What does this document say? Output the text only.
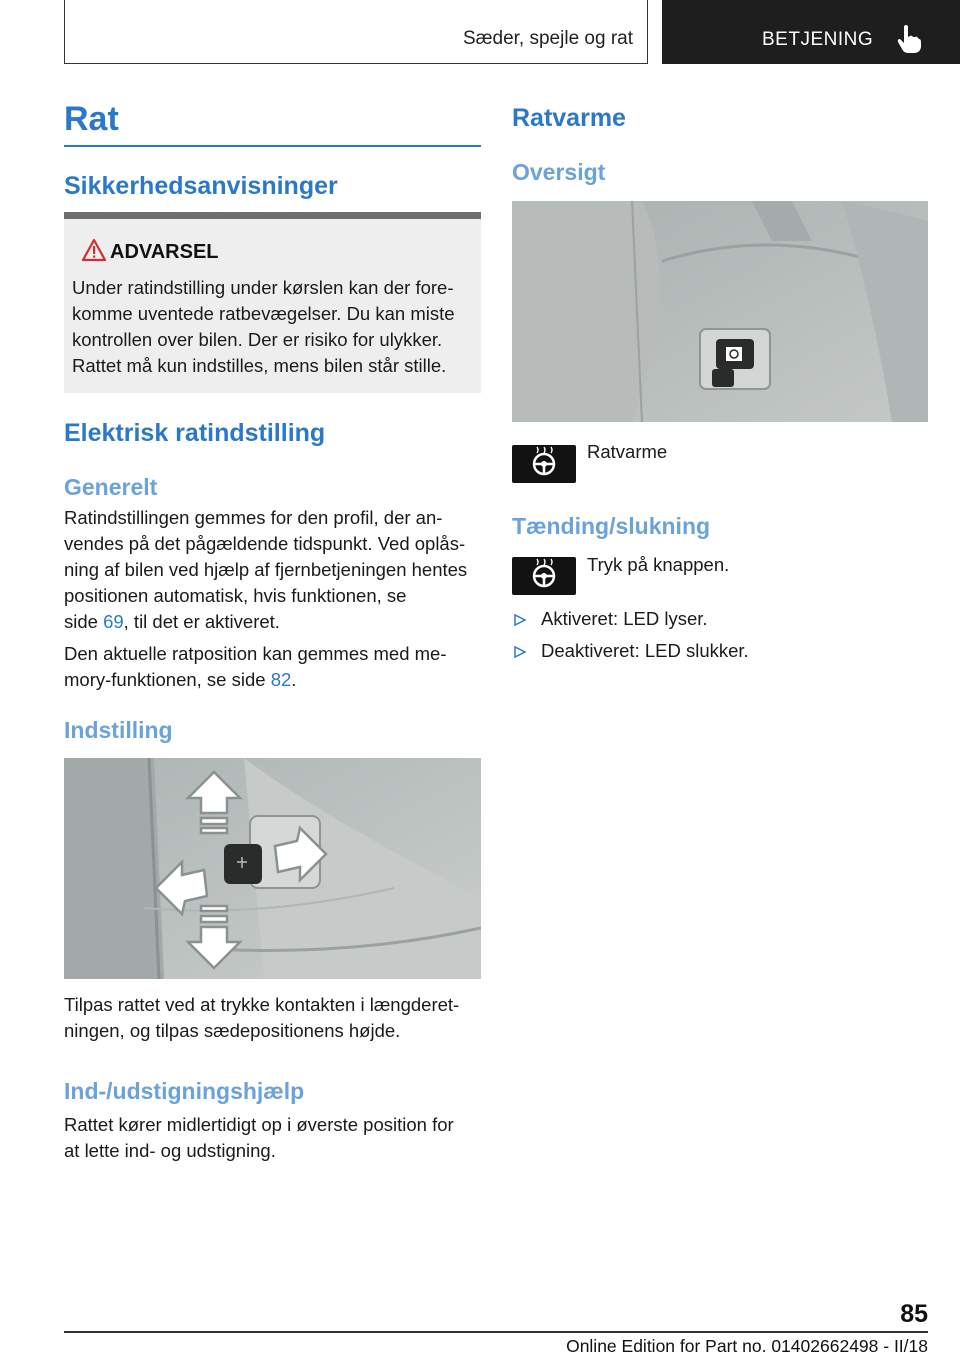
Sæder, spejle og rat	BETJENING
Rat
Sikkerhedsanvisninger
ADVARSEL
Under ratindstilling under kørslen kan der fore-
komme uventede ratbevægelser. Du kan miste
kontrollen over bilen. Der er risiko for ulykker.
Rattet må kun indstilles, mens bilen står stille.
Elektrisk ratindstilling
Generelt
Ratindstillingen gemmes for den profil, der an-
vendes på det pågældende tidspunkt. Ved oplås-
ning af bilen ved hjælp af fjernbetjeningen hentes
positionen automatisk, hvis funktionen, se
side 69, til det er aktiveret.
Den aktuelle ratposition kan gemmes med me-
mory-funktionen, se side 82.
Indstilling
Tilpas rattet ved at trykke kontakten i længderet-
ningen, og tilpas sædepositionens højde.
Ind-/udstigningshjælp
Rattet kører midlertidigt op i øverste position for
at lette ind- og udstigning.
Ratvarme
Oversigt
Ratvarme
Tænding/slukning
Tryk på knappen.
Aktiveret: LED lyser.
Deaktiveret: LED slukker.
85
Online Edition for Part no. 01402662498 - II/18
